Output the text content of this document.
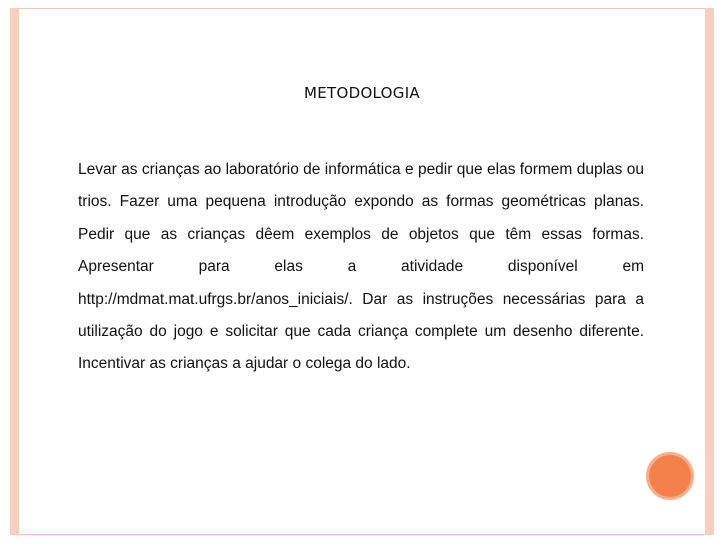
METODOLOGIA

Levar as crianças ao laboratório de informática e pedir que elas formem duplas ou trios. Fazer uma pequena introdução expondo as formas geométricas planas. Pedir que as crianças dêem exemplos de objetos que têm essas formas. Apresentar para elas a atividade disponível em http://mdmat.mat.ufrgs.br/anos_iniciais/. Dar as instruções necessárias para a utilização do jogo e solicitar que cada criança complete um desenho diferente. Incentivar as crianças a ajudar o colega do lado.
